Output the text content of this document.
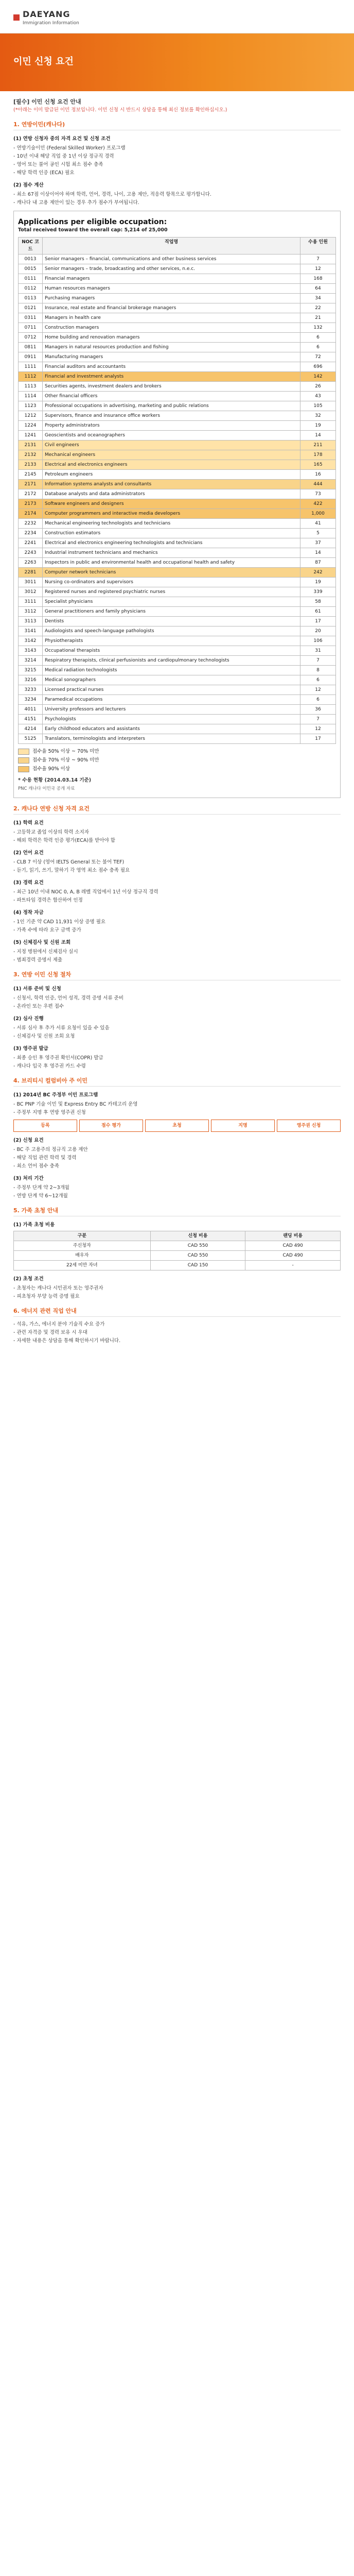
DAEYANG
Immigration Information
이민 신청 요건
[필수] 이민 신청 요건 안내
(*아래는 이미 발급된 이민 정보입니다. 이민 신청 시 반드시 상담을 통해 최신 정보를 확인하십시오.)
1. 연방이민(캐나다)
(1) 연방 신청자 중의 자격 요건 및 신청 조건
- 연방기술이민 (Federal Skilled Worker) 프로그램
- 10년 이내 해당 직업 중 1년 이상 정규직 경력
- 영어 또는 불어 공인 시험 최소 점수 충족
- 해당 학력 인증 (ECA) 필요
(2) 점수 계산
- 최소 67점 이상이어야 하며 학력, 언어, 경력, 나이, 고용 제안, 적응력 항목으로 평가합니다.
- 캐나다 내 고용 제안이 있는 경우 추가 점수가 부여됩니다.
Applications per eligible occupation:
Total received toward the overall cap: 5,214 of 25,000
NOC 코드	직업명	수용 인원
0013	Senior managers – financial, communications and other business services	7
0015	Senior managers – trade, broadcasting and other services, n.e.c.	12
0111	Financial managers	168
0112	Human resources managers	64
0113	Purchasing managers	34
0121	Insurance, real estate and financial brokerage managers	22
0311	Managers in health care	21
0711	Construction managers	132
0712	Home building and renovation managers	6
0811	Managers in natural resources production and fishing	6
0911	Manufacturing managers	72
1111	Financial auditors and accountants	696
1112	Financial and investment analysts	142
1113	Securities agents, investment dealers and brokers	26
1114	Other financial officers	43
1123	Professional occupations in advertising, marketing and public relations	105
1212	Supervisors, finance and insurance office workers	32
1224	Property administrators	19
1241	Geoscientists and oceanographers	14
2131	Civil engineers	211
2132	Mechanical engineers	178
2133	Electrical and electronics engineers	165
2145	Petroleum engineers	16
2171	Information systems analysts and consultants	444
2172	Database analysts and data administrators	73
2173	Software engineers and designers	422
2174	Computer programmers and interactive media developers	1,000
2232	Mechanical engineering technologists and technicians	41
2234	Construction estimators	5
2241	Electrical and electronics engineering technologists and technicians	37
2243	Industrial instrument technicians and mechanics	14
2263	Inspectors in public and environmental health and occupational health and safety	87
2281	Computer network technicians	242
3011	Nursing co-ordinators and supervisors	19
3012	Registered nurses and registered psychiatric nurses	339
3111	Specialist physicians	58
3112	General practitioners and family physicians	61
3113	Dentists	17
3141	Audiologists and speech-language pathologists	20
3142	Physiotherapists	106
3143	Occupational therapists	31
3214	Respiratory therapists, clinical perfusionists and cardiopulmonary technologists	7
3215	Medical radiation technologists	8
3216	Medical sonographers	6
3233	Licensed practical nurses	12
3234	Paramedical occupations	6
4011	University professors and lecturers	36
4151	Psychologists	7
4214	Early childhood educators and assistants	12
5125	Translators, terminologists and interpreters	17
접수율 50% 이상 ~ 70% 미만
접수율 70% 이상 ~ 90% 미만
접수율 90% 이상
* 수용 현황 (2014.03.14 기준)
PNC 캐나다 이민국 공개 자료
2. 캐나다 연방 신청 자격 요건
(1) 학력 요건
- 고등학교 졸업 이상의 학력 소지자
- 해외 학력은 학력 인증 평가(ECA)를 받아야 함
(2) 언어 요건
- CLB 7 이상 (영어 IELTS General 또는 불어 TEF)
- 듣기, 읽기, 쓰기, 말하기 각 영역 최소 점수 충족 필요
(3) 경력 요건
- 최근 10년 이내 NOC 0, A, B 레벨 직업에서 1년 이상 정규직 경력
- 파트타임 경력은 합산하여 인정
(4) 정착 자금
- 1인 기준 약 CAD 11,931 이상 증명 필요
- 가족 수에 따라 요구 금액 증가
(5) 신체검사 및 신원 조회
- 지정 병원에서 신체검사 실시
- 범죄경력 증명서 제출
3. 연방 이민 신청 절차
(1) 서류 준비 및 신청
- 신청서, 학력 인증, 언어 성적, 경력 증명 서류 준비
- 온라인 또는 우편 접수
(2) 심사 진행
- 서류 심사 후 추가 서류 요청이 있을 수 있음
- 신체검사 및 신원 조회 요청
(3) 영주권 발급
- 최종 승인 후 영주권 확인서(COPR) 발급
- 캐나다 입국 후 영주권 카드 수령
4. 브리티시 컬럼비아 주 이민
(1) 2014년 BC 주정부 이민 프로그램
- BC PNP 기술 이민 및 Express Entry BC 카테고리 운영
- 주정부 지명 후 연방 영주권 신청
등록	점수 평가	초청	지명	영주권 신청
(2) 신청 요건
- BC 주 고용주의 정규직 고용 제안
- 해당 직업 관련 학력 및 경력
- 최소 언어 점수 충족
(3) 처리 기간
- 주정부 단계 약 2~3개월
- 연방 단계 약 6~12개월
5. 가족 초청 안내
(1) 가족 초청 비용
구분	신청 비용	랜딩 비용
주신청자	CAD 550	CAD 490
배우자	CAD 550	CAD 490
22세 미만 자녀	CAD 150	-
(2) 초청 조건
- 초청자는 캐나다 시민권자 또는 영주권자
- 피초청자 부양 능력 증명 필요
6. 에너지 관련 직업 안내
- 석유, 가스, 에너지 분야 기술직 수요 증가
- 관련 자격증 및 경력 보유 시 우대
- 자세한 내용은 상담을 통해 확인하시기 바랍니다.
